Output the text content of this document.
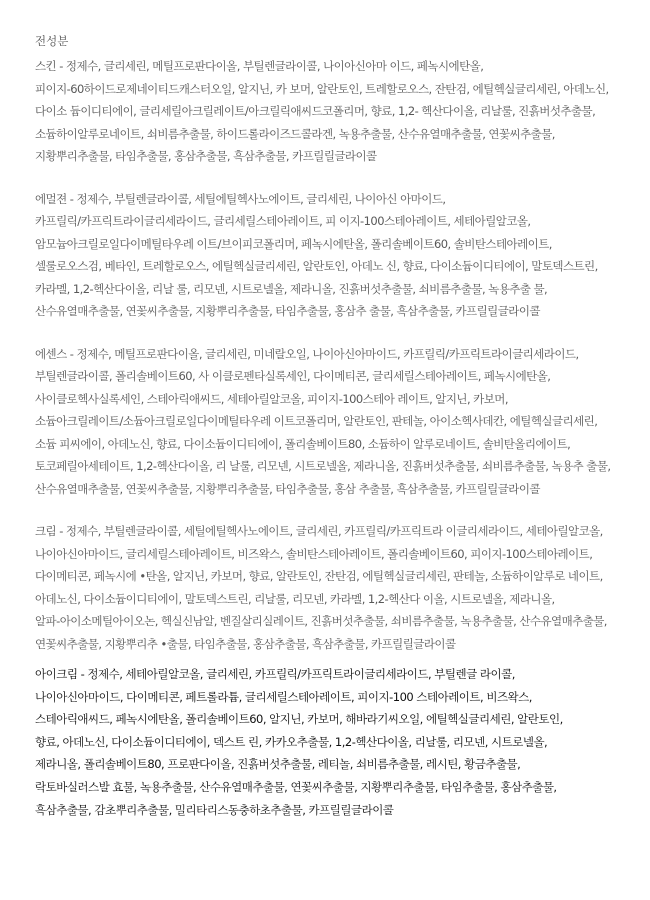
전성분
스킨 - 정제수, 글리세린, 메틸프로판다이올, 부틸렌글라이콜, 나이아신아마 이드, 페녹시에탄올,
피이지-60하이드로제네이티드캐스터오일, 알지닌, 카 보머, 알란토인, 트레할로오스, 잔탄검, 에틸헥실글리세린, 아데노신,
다이소 듐이디티에이, 글리세릴아크릴레이트/아크릴릭애씨드코폴리머, 향료, 1,2- 헥산다이올, 리날룰, 진흙버섯추출물,
소듐하이알루로네이트, 쇠비름추출물, 하이드롤라이즈드콜라겐, 녹용추출물, 산수유열매추출물, 연꽃씨추출물,
지황뿌리추출물, 타임추출물, 홍삼추출물, 흑삼추출물, 카프릴릴글라이콜
에멀젼 - 정제수, 부틸렌글라이콜, 세틸에틸헥사노에이트, 글리세린, 나이아신 아마이드,
카프릴릭/카프릭트라이글리세라이드, 글리세릴스테아레이트, 피 이지-100스테아레이트, 세테아릴알코올,
암모늄아크릴로일다이메틸타우레 이트/브이피코폴리머, 페녹시에탄올, 폴리솔베이트60, 솔비탄스테아레이트,
셀룰로오스검, 베타인, 트레할로오스, 에틸헥실글리세린, 알란토인, 아데노 신, 향료, 다이소듐이디티에이, 말토덱스트린,
카라멜, 1,2-헥산다이올, 리날 룰, 리모넨, 시트로넬올, 제라니올, 진흙버섯추출물, 쇠비름추출물, 녹용추출 물,
산수유열매추출물, 연꽃씨추출물, 지황뿌리추출물, 타임추출물, 홍삼추 출물, 흑삼추출물, 카프릴릴글라이콜
에센스 - 정제수, 메틸프로판다이올, 글리세린, 미네랄오일, 나이아신아마이드, 카프릴릭/카프릭트라이글리세라이드,
부틸렌글라이콜, 폴리솔베이트60, 사 이클로펜타실록세인, 다이메티콘, 글리세릴스테아레이트, 페녹시에탄올,
사이클로헥사실록세인, 스테아릭애씨드, 세테아릴알코올, 피이지-100스테아 레이트, 알지닌, 카보머,
소듐아크릴레이트/소듐아크릴로일다이메틸타우레 이트코폴리머, 알란토인, 판테놀, 아이소헥사데칸, 에틸헥실글리세린,
소듐 피씨에이, 아데노신, 향료, 다이소듐이디티에이, 폴리솔베이트80, 소듐하이 알루로네이트, 솔비탄올리에이트,
토코페릴아세테이트, 1,2-헥산다이올, 리 날룰, 리모넨, 시트로넬올, 제라니올, 진흙버섯추출물, 쇠비름추출물, 녹용추 출물,
산수유열매추출물, 연꽃씨추출물, 지황뿌리추출물, 타임추출물, 홍삼 추출물, 흑삼추출물, 카프릴릴글라이콜
크림 - 정제수, 부틸렌글라이콜, 세틸에틸헥사노에이트, 글리세린, 카프릴릭/카프릭트라 이글리세라이드, 세테아릴알코올,
나이아신아마이드, 글리세릴스테아레이트, 비즈왁스, 솔비탄스테아레이트, 폴리솔베이트60, 피이지-100스테아레이트,
다이메티콘, 페녹시에 •탄올, 알지닌, 카보머, 향료, 알란토인, 잔탄검, 에틸헥실글리세린, 판테놀, 소듐하이알루로 네이트,
아데노신, 다이소듐이디티에이, 말토덱스트린, 리날룰, 리모넨, 카라멜, 1,2-헥산다 이올, 시트로넬올, 제라니올,
알파-아이소메틸아이오논, 헥실신남알, 벤질살리실레이트, 진흙버섯추출물, 쇠비름추출물, 녹용추출물, 산수유열매추출물,
연꽃씨추출물, 지황뿌리추 •출물, 타임추출물, 홍삼추출물, 흑삼추출물, 카프릴릴글라이콜
아이크림 - 정제수, 세테아릴알코올, 글리세린, 카프릴릭/카프릭트라이글리세라이드, 부틸렌글 라이콜,
나이아신아마이드, 다이메티콘, 페트롤라튬, 글리세릴스테아레이트, 피이지-100 스테아레이트, 비즈왁스,
스테아릭애씨드, 페녹시에탄올, 폴리솔베이트60, 알지닌, 카보머, 해바라기씨오일, 에틸헥실글리세린, 알란토인,
향료, 아데노신, 다이소듐이디티에이, 덱스트 린, 카카오추출물, 1,2-헥산다이올, 리날룰, 리모넨, 시트로넬올,
제라니올, 폴리솔베이트80, 프로판다이올, 진흙버섯추출물, 레티놀, 쇠비름추출물, 레시틴, 황금추출물,
락토바실러스발 효물, 녹용추출물, 산수유열매추출물, 연꽃씨추출물, 지황뿌리추출물, 타임추출물, 홍삼추출물,
흑삼추출물, 감초뿌리추출물, 밀리타리스동충하초추출물, 카프릴릴글라이콜
